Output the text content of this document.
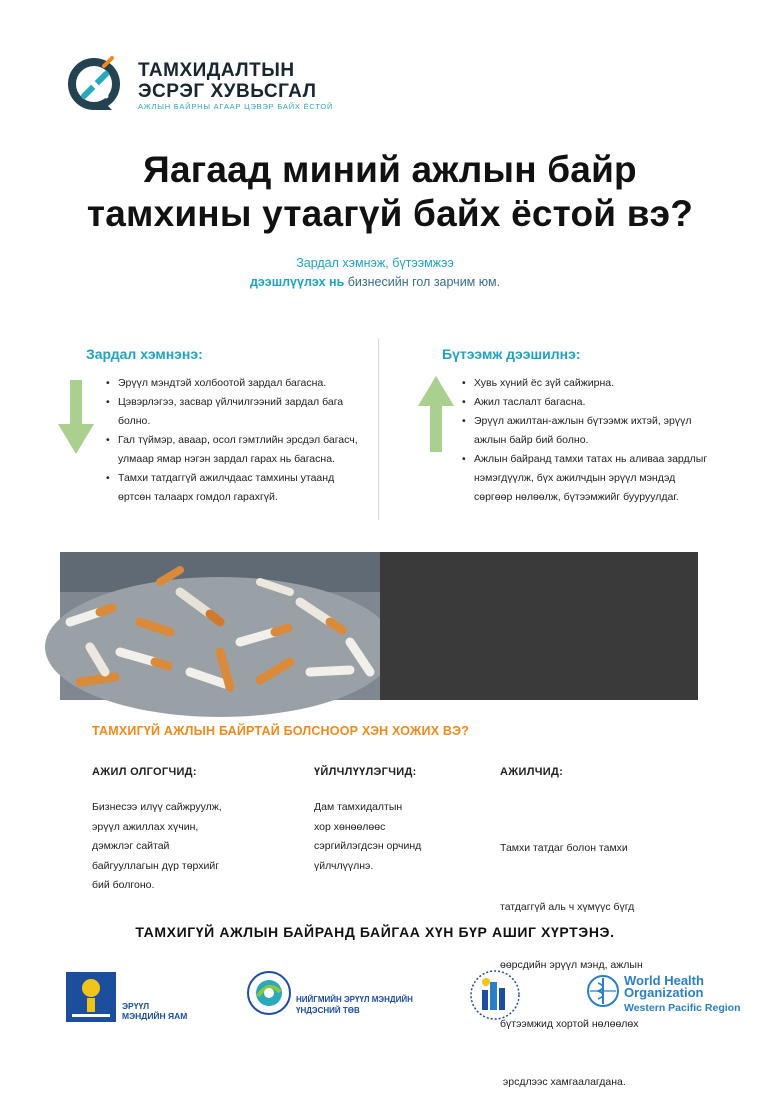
ТАМХИДАЛТЫН
ЭСРЭГ ХУВЬСГАЛ
АЖЛЫН БАЙРНЫ АГААР ЦЭВЭР БАЙХ ЁСТОЙ
Яагаад миний ажлын байр
тамхины утаагүй байх ёстой вэ?
Зардал хэмнэж, бүтээмжээ
дээшлүүлэх нь бизнесийн гол зарчим юм.
Зардал хэмнэнэ:
• Эрүүл мэндтэй холбоотой зардал багасна.
• Цэвэрлэгээ, засвар үйлчилгээний зардал бага болно.
• Гал түймэр, аваар, осол гэмтлийн эрсдэл багасч, улмаар ямар нэгэн зардал гарах нь багасна.
• Тамхи татдаггүй ажилчдаас тамхины утаанд өртсөн талаарх гомдол гарахгүй.
Бүтээмж дээшилнэ:
• Хувь хүний ёс зүй сайжирна.
• Ажил таслалт багасна.
• Эрүүл ажилтан-ажлын бүтээмж ихтэй, эрүүл ажлын байр бий болно.
• Ажлын байранд тамхи татах нь аливаа зардлыг нэмэгдүүлж, бүх ажилчдын эрүүл мэндэд сөргөөр нөлөөлж, бүтээмжийг бууруулдаг.
ТАМХИГҮЙ АЖЛЫН БАЙРТАЙ БОЛСНООР ХЭН ХОЖИХ ВЭ?
АЖИЛ ОЛГОГЧИД:
Бизнесээ илүү сайжруулж,
эрүүл ажиллах хүчин,
дэмжлэг сайтай
байгууллагын дүр төрхийг
бий болгоно.
ҮЙЛЧЛҮҮЛЭГЧИД:
Дам тамхидалтын
хор хөнөөлөөс
сэргийлэгдсэн орчинд
үйлчлүүлнэ.
АЖИЛЧИД:

Тамхи татдаг болон тамхи

татдаггүй аль ч хүмүүс бүгд

өөрсдийн эрүүл мэнд, ажлын

бүтээмжид хортой нөлөөлөх

эрсдлээс хамгаалагдана.

ТАМХИГҮЙ АЖЛЫН БАЙРАНД БАЙГАА ХҮН БҮР АШИГ ХҮРТЭНЭ.
ЭРҮҮЛ
МЭНДИЙН ЯАМ
НИЙГМИЙН ЭРҮҮЛ МЭНДИЙН
ҮНДЭСНИЙ ТӨВ
World Health
Organization
Western Pacific Region
